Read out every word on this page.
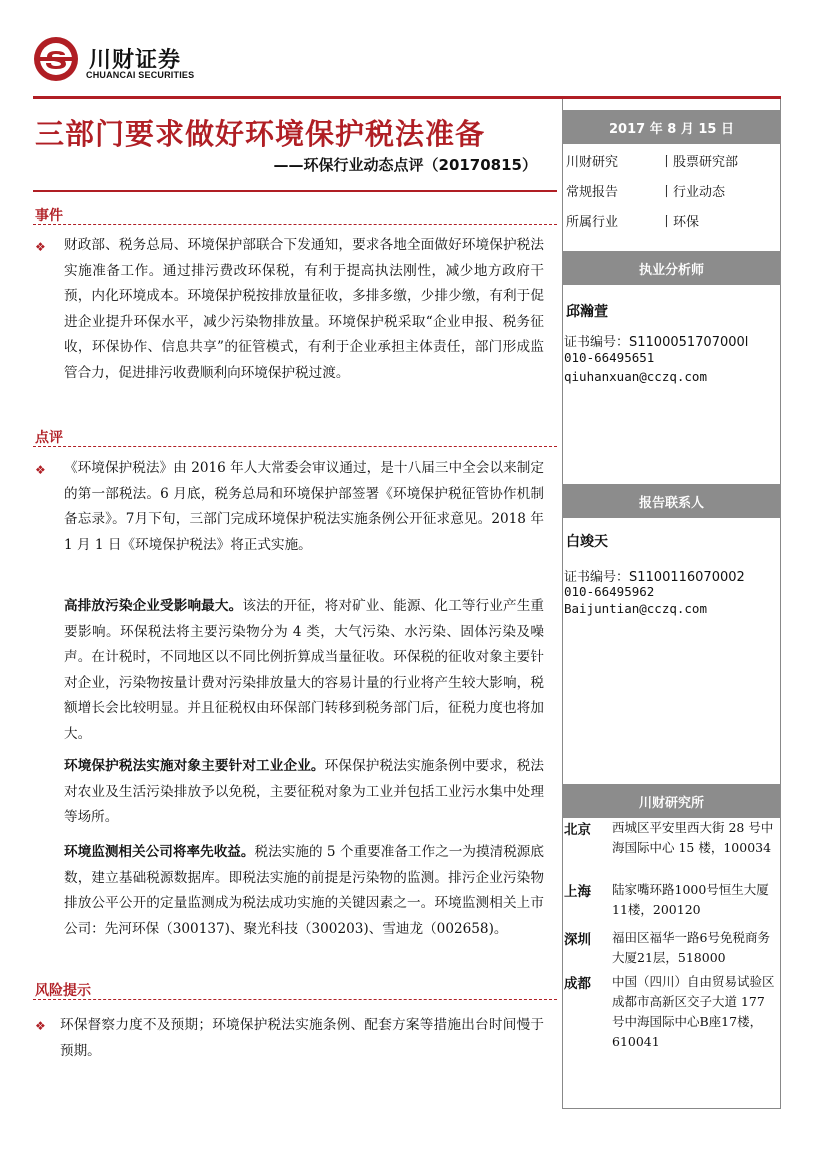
川财证券
CHUANCAI SECURITIES
三部门要求做好环境保护税法准备
——环保行业动态点评（20170815）
事件
❖ 财政部、税务总局、环境保护部联合下发通知，要求各地全面做好环境保护税法实施准备工作。通过排污费改环保税，有利于提高执法刚性，减少地方政府干预，内化环境成本。环境保护税按排放量征收，多排多缴，少排少缴，有利于促进企业提升环保水平，减少污染物排放量。环境保护税采取“企业申报、税务征收，环保协作、信息共享”的征管模式，有利于企业承担主体责任，部门形成监管合力，促进排污收费顺利向环境保护税过渡。
点评
❖ 《环境保护税法》由 2016 年人大常委会审议通过，是十八届三中全会以来制定的第一部税法。6 月底，税务总局和环境保护部签署《环境保护税征管协作机制备忘录》。7月下旬，三部门完成环境保护税法实施条例公开征求意见。2018 年 1 月 1 日《环境保护税法》将正式实施。
高排放污染企业受影响最大。该法的开征，将对矿业、能源、化工等行业产生重要影响。环保税法将主要污染物分为 4 类，大气污染、水污染、固体污染及噪声。在计税时，不同地区以不同比例折算成当量征收。环保税的征收对象主要针对企业，污染物按量计费对污染排放量大的容易计量的行业将产生较大影响，税额增长会比较明显。并且征税权由环保部门转移到税务部门后，征税力度也将加大。
环境保护税法实施对象主要针对工业企业。环保保护税法实施条例中要求，税法对农业及生活污染排放予以免税，主要征税对象为工业并包括工业污水集中处理等场所。
环境监测相关公司将率先收益。税法实施的 5 个重要准备工作之一为摸清税源底数，建立基础税源数据库。即税法实施的前提是污染物的监测。排污企业污染物排放公平公开的定量监测成为税法成功实施的关键因素之一。环境监测相关上市公司：先河环保（300137)、聚光科技（300203)、雪迪龙（002658)。
风险提示
❖ 环保督察力度不及预期；环境保护税法实施条例、配套方案等措施出台时间慢于预期。
2017 年 8 月 15 日
川财研究	丨股票研究部
常规报告	丨行业动态
所属行业	丨环保
执业分析师
邱瀚萱
证书编号：S1100051707000l
010-66495651
qiuhanxuan@cczq.com
报告联系人
白竣天
证书编号：S1100116070002
010-66495962
Baijuntian@cczq.com
川财研究所
北京 西城区平安里西大街 28 号中海国际中心 15 楼，100034
上海 陆家嘴环路1000号恒生大厦11楼，200120
深圳 福田区福华一路6号免税商务大厦21层，518000
成都 中国（四川）自由贸易试验区成都市高新区交子大道 177 号中海国际中心B座17楼，610041
